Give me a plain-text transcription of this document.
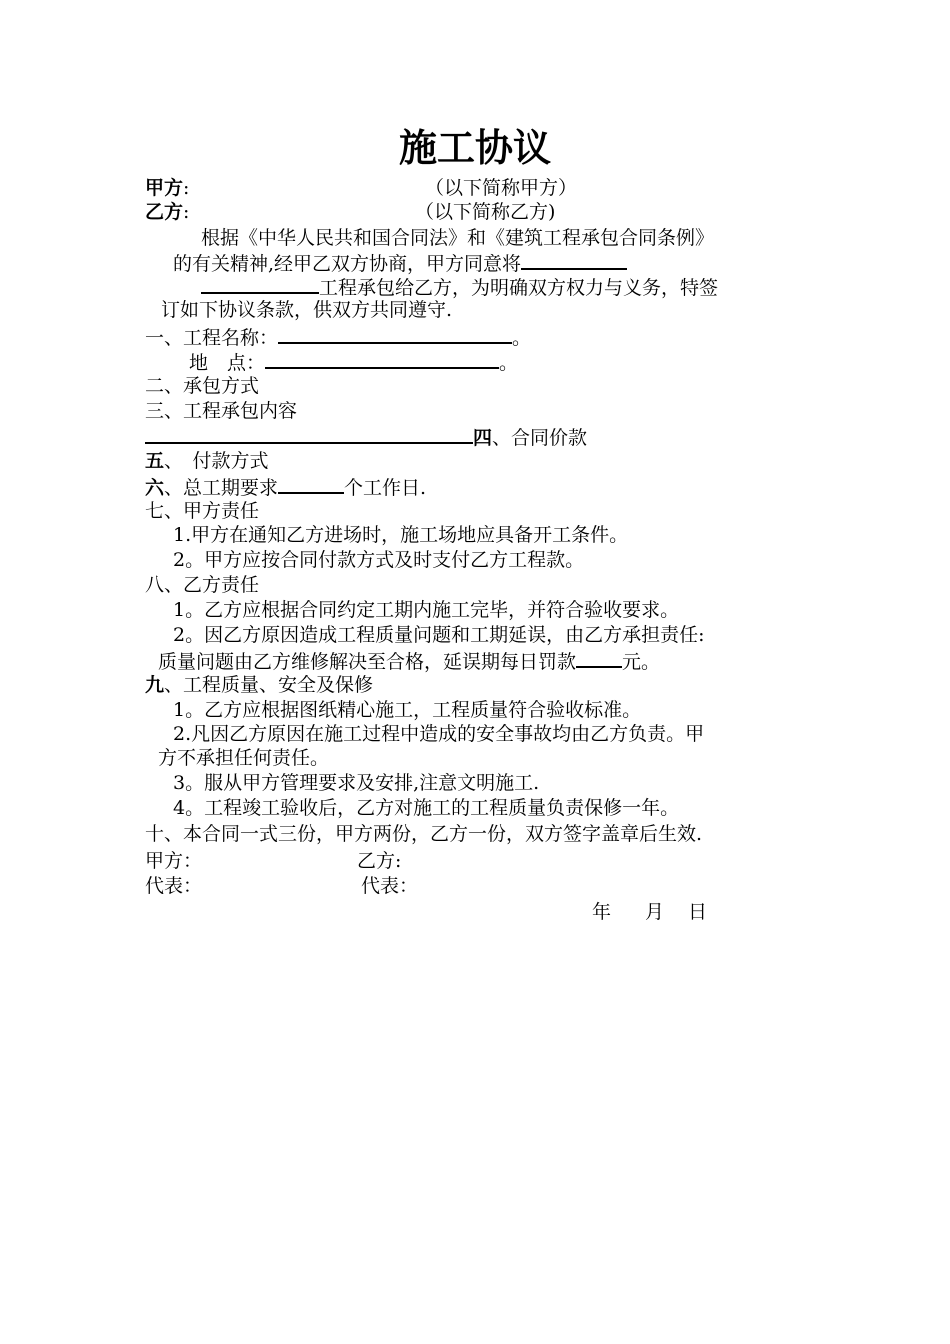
施工协议
甲方:	（以下简称甲方）
乙方:	（以下简称乙方)
根据《中华人民共和国合同法》和《建筑工程承包合同条例》
的有关精神,经甲乙双方协商，甲方同意将
工程承包给乙方，为明确双方权力与义务，特签
订如下协议条款，供双方共同遵守.
一、工程名称：	。
地　点：	。
二、承包方式
三、工程承包内容
四、合同价款
五、　付款方式
六、总工期要求	个工作日.
七、甲方责任
1.甲方在通知乙方进场时，施工场地应具备开工条件。
2。甲方应按合同付款方式及时支付乙方工程款。
八、乙方责任
1。乙方应根据合同约定工期内施工完毕，并符合验收要求。
2。因乙方原因造成工程质量问题和工期延误，由乙方承担责任:
质量问题由乙方维修解决至合格，延误期每日罚款 元。
九、工程质量、安全及保修
1。乙方应根据图纸精心施工，工程质量符合验收标准。
2.凡因乙方原因在施工过程中造成的安全事故均由乙方负责。甲
方不承担任何责任。
3。服从甲方管理要求及安排,注意文明施工.
4。工程竣工验收后，乙方对施工的工程质量负责保修一年。
十、本合同一式三份，甲方两份，乙方一份，双方签字盖章后生效.
甲方：	乙方:
代表：	代表：
年 月 日
